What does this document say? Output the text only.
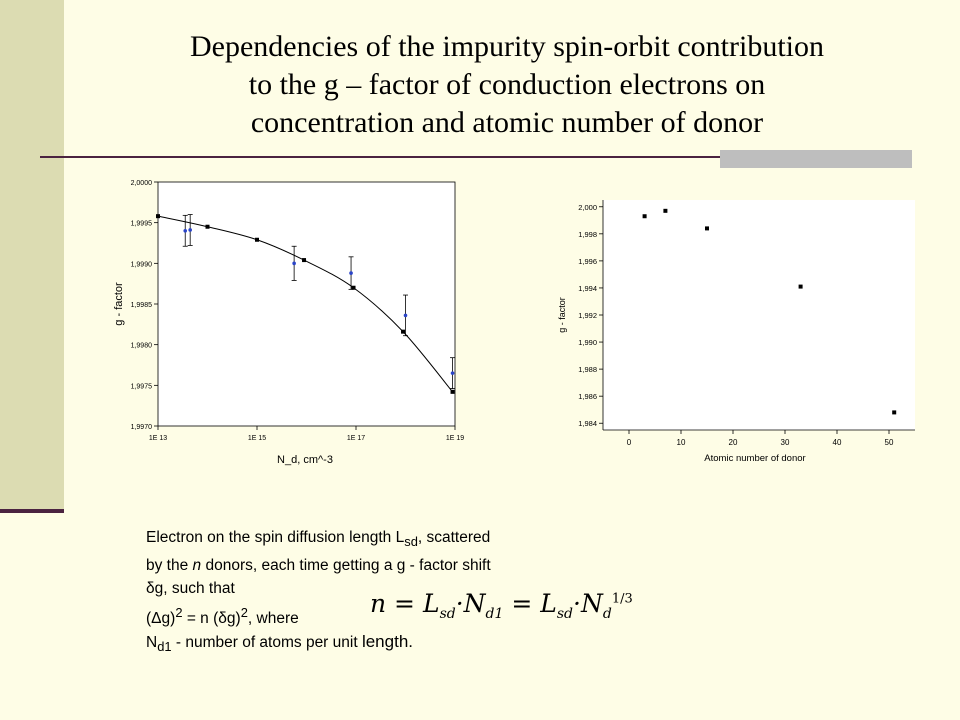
Dependencies of the impurity spin-orbit contribution
to the g – factor of conduction electrons on
concentration and atomic number of donor
1,9970
1,9975
1,9980
1,9985
1,9990
1,9995
2,0000
1E 13	1E 15	1E 17	1E 19
g - factor
N_d, cm^-3
1,984
1,986
1,988
1,990
1,992
1,994
1,996
1,998
2,000
0	10	20	30	40	50
g - factor
Atomic number of donor

Electron on the spin diffusion length $L_{sd}$, scattered

by the n donors, each time getting a g - factor shift

δg, such that

$(\Delta g)^2 = n$ $(\delta g)^2$, where

$N_{d1}$ - number of atoms per unit length.

$n = L_{sd}\cdot N_{d1} = L_{sd}\cdot N_d^{1/3}$
